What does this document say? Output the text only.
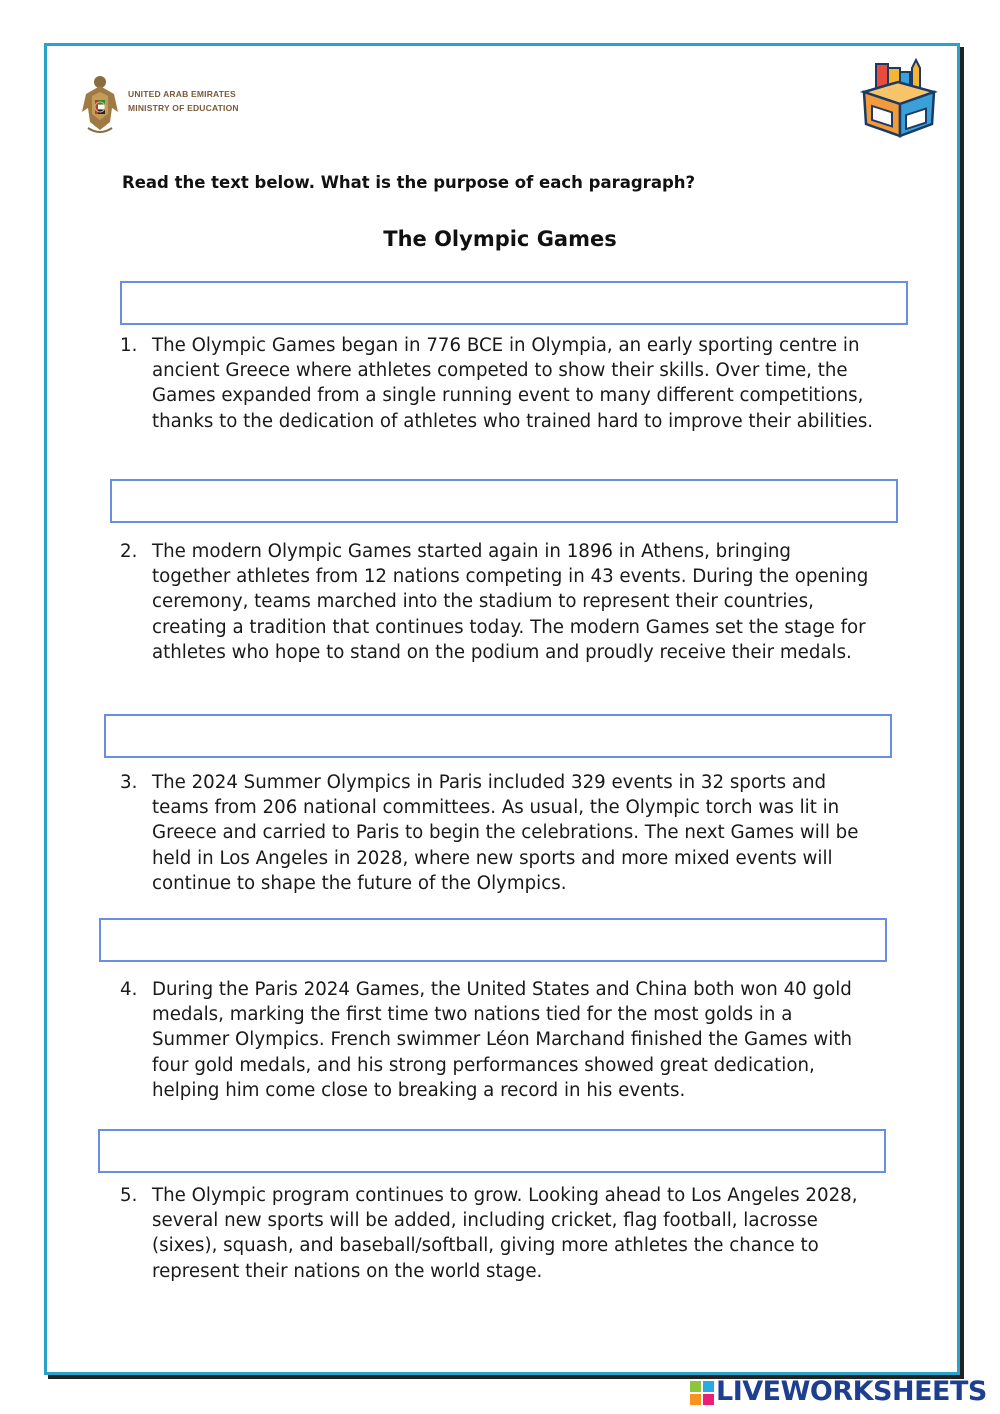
UNITED ARAB EMIRATES
MINISTRY OF EDUCATION
Read the text below. What is the purpose of each paragraph?
The Olympic Games
1. The Olympic Games began in 776 BCE in Olympia, an early sporting centre in ancient Greece where athletes competed to show their skills. Over time, the Games expanded from a single running event to many different competitions, thanks to the dedication of athletes who trained hard to improve their abilities.
2. The modern Olympic Games started again in 1896 in Athens, bringing together athletes from 12 nations competing in 43 events. During the opening ceremony, teams marched into the stadium to represent their countries, creating a tradition that continues today. The modern Games set the stage for athletes who hope to stand on the podium and proudly receive their medals.
3. The 2024 Summer Olympics in Paris included 329 events in 32 sports and teams from 206 national committees. As usual, the Olympic torch was lit in Greece and carried to Paris to begin the celebrations. The next Games will be held in Los Angeles in 2028, where new sports and more mixed events will continue to shape the future of the Olympics.
4. During the Paris 2024 Games, the United States and China both won 40 gold medals, marking the first time two nations tied for the most golds in a Summer Olympics. French swimmer Léon Marchand finished the Games with four gold medals, and his strong performances showed great dedication, helping him come close to breaking a record in his events.
5. The Olympic program continues to grow. Looking ahead to Los Angeles 2028, several new sports will be added, including cricket, flag football, lacrosse (sixes), squash, and baseball/softball, giving more athletes the chance to represent their nations on the world stage.
LIVEWORKSHEETS
